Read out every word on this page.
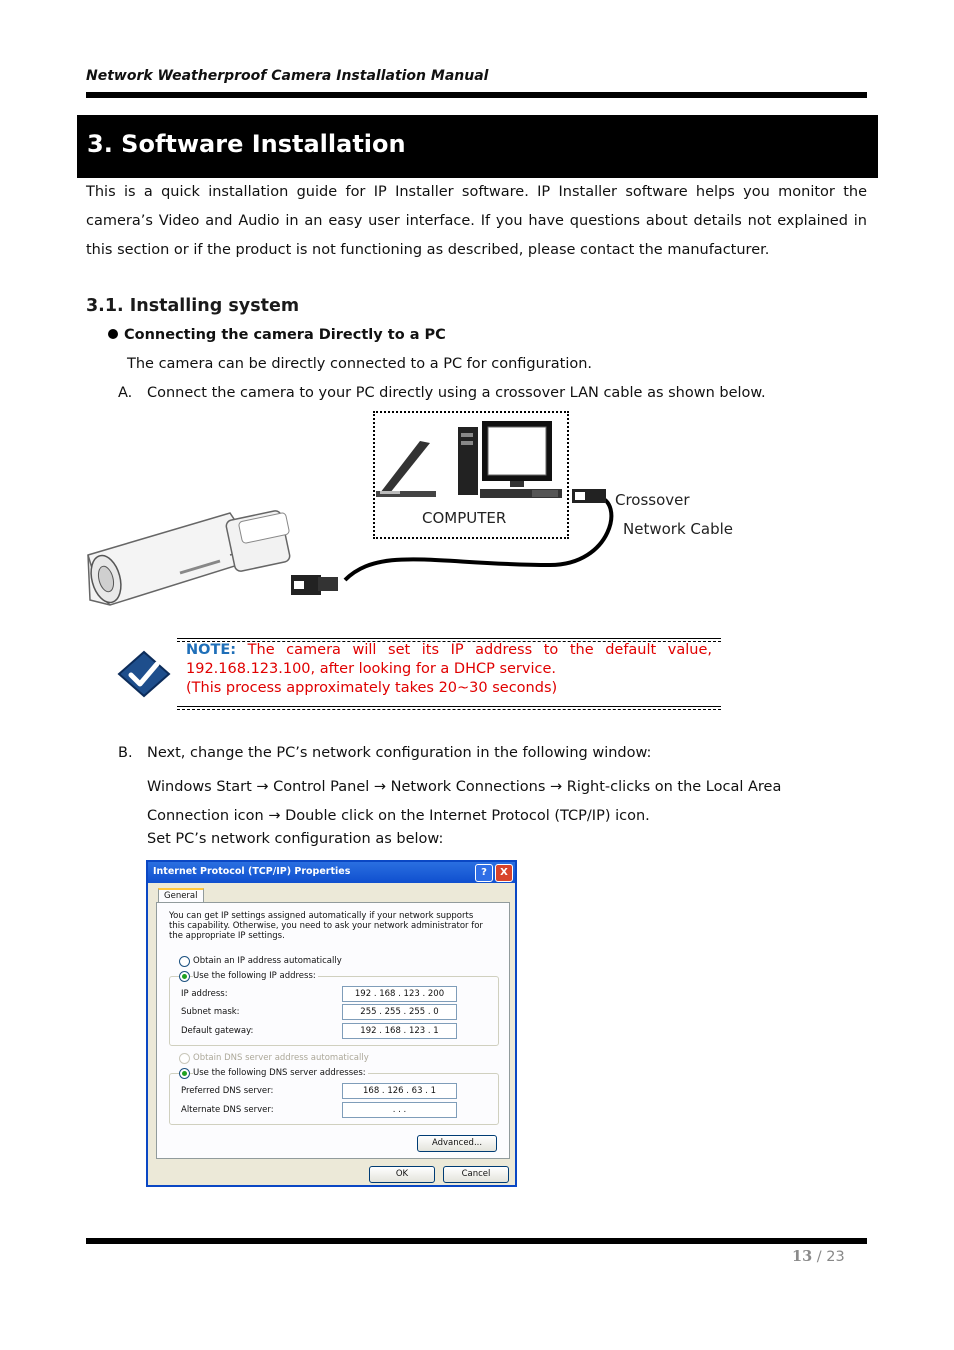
Network Weatherproof Camera Installation Manual
3. Software Installation
This is a quick installation guide for IP Installer software. IP Installer software helps you monitor the camera’s Video and Audio in an easy user interface. If you have questions about details not explained in this section or if the product is not functioning as described, please contact the manufacturer.
3.1. Installing system
Connecting the camera Directly to a PC
The camera can be directly connected to a PC for configuration.
A. Connect the camera to your PC directly using a crossover LAN cable as shown below.
COMPUTER
Crossover
Network Cable
NOTE: The camera will set its IP address to the default value, 192.168.123.100, after looking for a DHCP service.
(This process approximately takes 20~30 seconds)
B. Next, change the PC’s network configuration in the following window:
Windows Start → Control Panel → Network Connections → Right-clicks on the Local Area Connection icon → Double click on the Internet Protocol (TCP/IP) icon.
Set PC’s network configuration as below:
Internet Protocol (TCP/IP) Properties	?	X
General
You can get IP settings assigned automatically if your network supports this capability. Otherwise, you need to ask your network administrator for the appropriate IP settings.
Obtain an IP address automatically
Use the following IP address:
IP address:	192 . 168 . 123 . 200
Subnet mask:	255 . 255 . 255 . 0
Default gateway:	192 . 168 . 123 . 1
Obtain DNS server address automatically
Use the following DNS server addresses:
Preferred DNS server:	168 . 126 . 63 . 1
Alternate DNS server:	. . .
Advanced...
OK	Cancel
13 / 23
